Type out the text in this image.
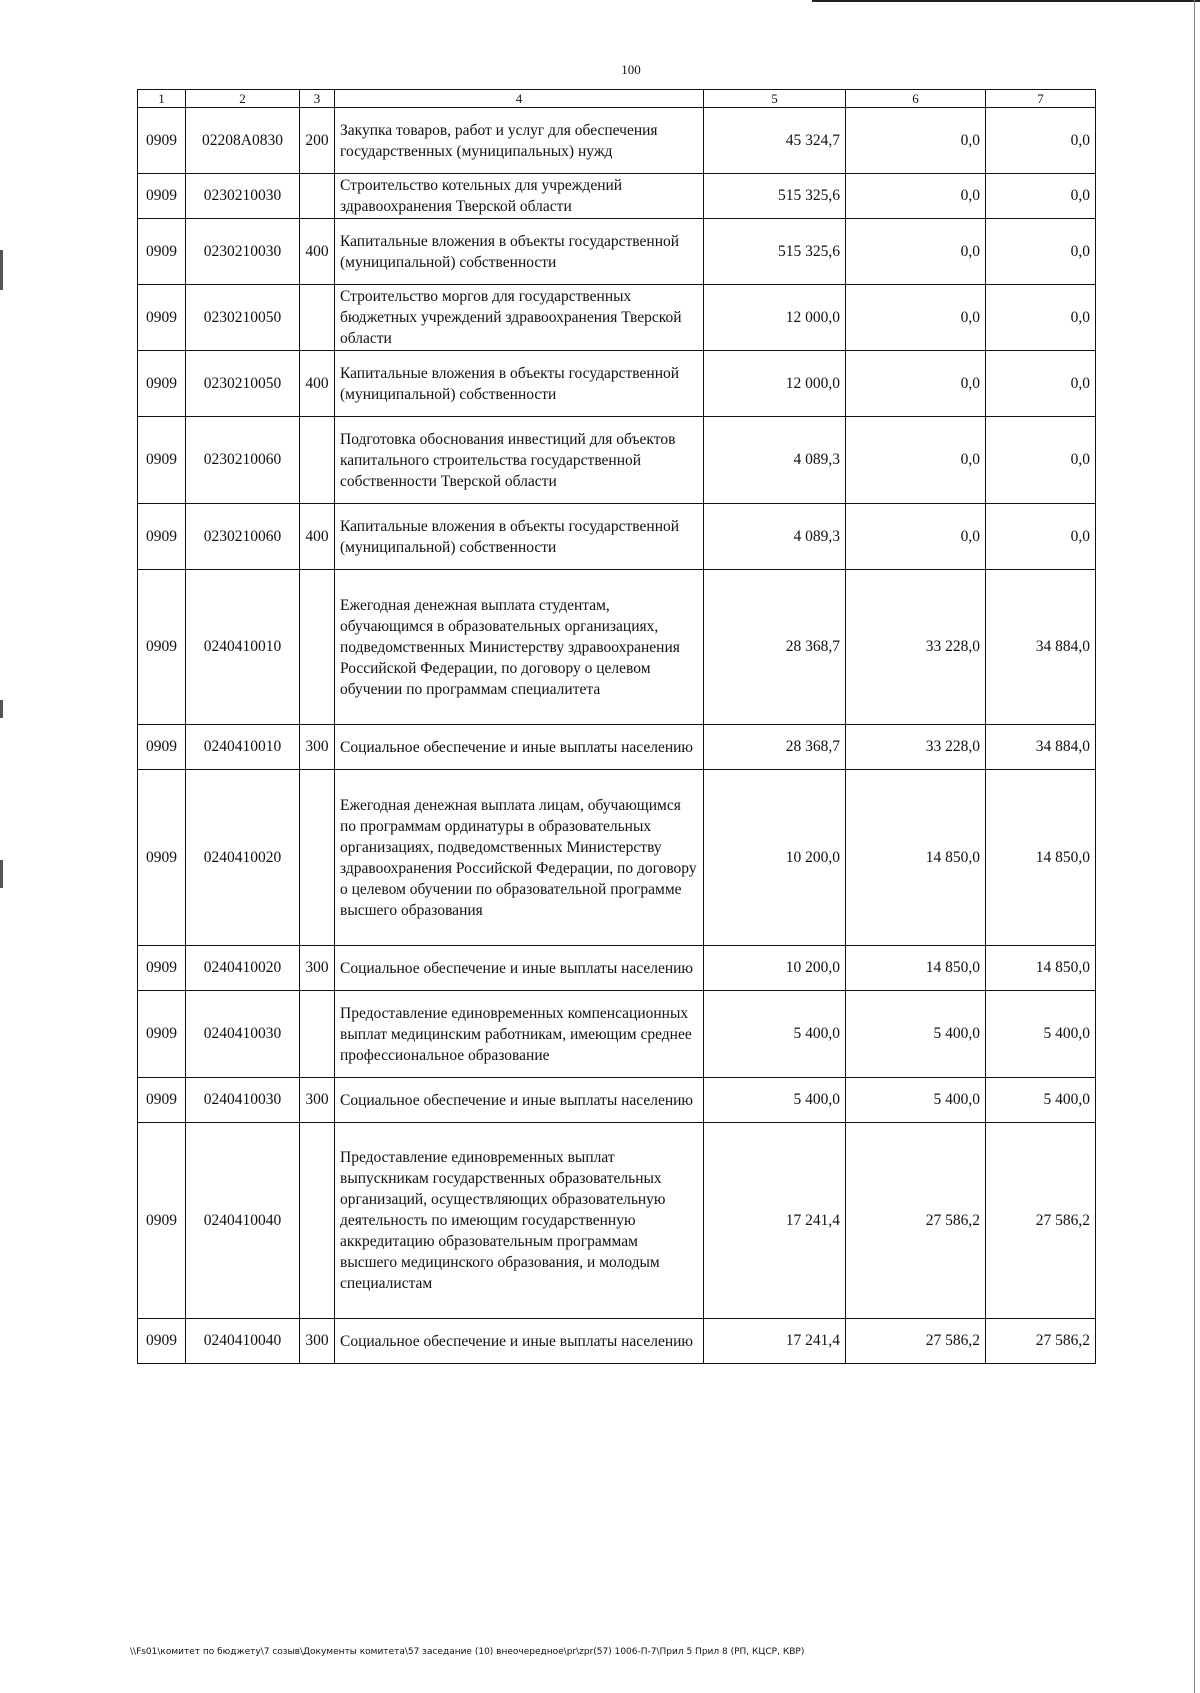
100
1	2	3	4	5	6	7
0909	02208A0830	200	Закупка товаров, работ и услуг для обеспечения государственных (муниципальных) нужд	45 324,7	0,0	0,0
0909	0230210030		Строительство котельных для учреждений здравоохранения Тверской области	515 325,6	0,0	0,0
0909	0230210030	400	Капитальные вложения в объекты государственной (муниципальной) собственности	515 325,6	0,0	0,0
0909	0230210050		Строительство моргов для государственных бюджетных учреждений здравоохранения Тверской области	12 000,0	0,0	0,0
0909	0230210050	400	Капитальные вложения в объекты государственной (муниципальной) собственности	12 000,0	0,0	0,0
0909	0230210060		Подготовка обоснования инвестиций для объектов капитального строительства государственной собственности Тверской области	4 089,3	0,0	0,0
0909	0230210060	400	Капитальные вложения в объекты государственной (муниципальной) собственности	4 089,3	0,0	0,0
0909	0240410010		Ежегодная денежная выплата студентам, обучающимся в образовательных организациях, подведомственных Министерству здравоохранения Российской Федерации, по договору о целевом обучении по программам специалитета	28 368,7	33 228,0	34 884,0
0909	0240410010	300	Социальное обеспечение и иные выплаты населению	28 368,7	33 228,0	34 884,0
0909	0240410020		Ежегодная денежная выплата лицам, обучающимся по программам ординатуры в образовательных организациях, подведомственных Министерству здравоохранения Российской Федерации, по договору о целевом обучении по образовательной программе высшего образования	10 200,0	14 850,0	14 850,0
0909	0240410020	300	Социальное обеспечение и иные выплаты населению	10 200,0	14 850,0	14 850,0
0909	0240410030		Предоставление единовременных компенсационных выплат медицинским работникам, имеющим среднее профессиональное образование	5 400,0	5 400,0	5 400,0
0909	0240410030	300	Социальное обеспечение и иные выплаты населению	5 400,0	5 400,0	5 400,0
0909	0240410040		Предоставление единовременных выплат выпускникам государственных образовательных организаций, осуществляющих образовательную деятельность по имеющим государственную аккредитацию образовательным программам высшего медицинского образования, и молодым специалистам	17 241,4	27 586,2	27 586,2
0909	0240410040	300	Социальное обеспечение и иные выплаты населению	17 241,4	27 586,2	27 586,2
\\Fs01\комитет по бюджету\7 созыв\Документы комитета\57 заседание (10) внеочередное\pr\zpr(57) 1006-П-7\Прил 5 Прил 8 (РП, КЦСР, КВР)
